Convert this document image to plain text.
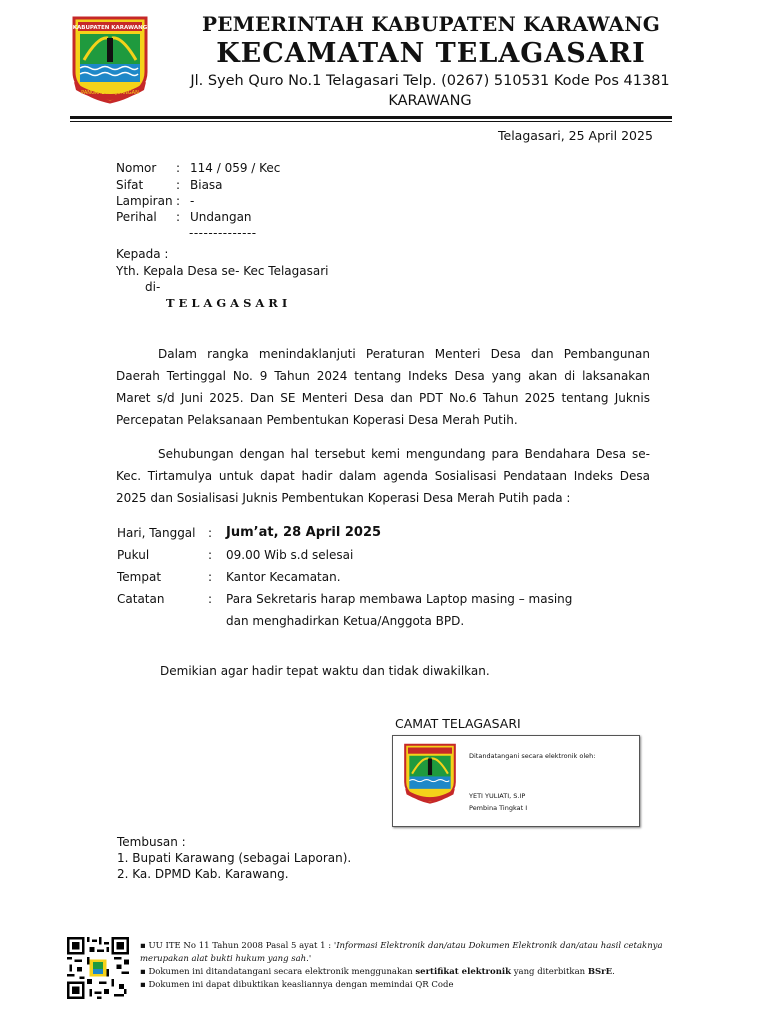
KABUPATEN KARAWANG
PANGKAL PERJUANGAN
PEMERINTAH KABUPATEN KARAWANG
KECAMATAN TELAGASARI
Jl. Syeh Quro No.1 Telagasari Telp. (0267) 510531 Kode Pos 41381
KARAWANG
Telagasari, 25 April 2025
Nomor : 114 / 059 / Kec
Sifat	: Biasa
Lampiran : -
Perihal : Undangan
--------------
Kepada :
Yth. Kepala Desa se- Kec Telagasari
di-
TELAGASARI

Dalam rangka menindaklanjuti Peraturan Menteri Desa dan Pembangunan Daerah Tertinggal No. 9 Tahun 2024 tentang Indeks Desa yang akan di laksanakan Maret s/d Juni 2025. Dan SE Menteri Desa dan PDT No.6 Tahun 2025 tentang Juknis Percepatan Pelaksanaan Pembentukan Koperasi Desa Merah Putih.

Sehubungan dengan hal tersebut kemi mengundang para Bendahara Desa se- Kec. Tirtamulya untuk dapat hadir dalam agenda Sosialisasi Pendataan Indeks Desa 2025 dan Sosialisasi Juknis Pembentukan Koperasi Desa Merah Putih pada :

Hari, Tanggal : Jum’at, 28 April 2025
Pukul	: 09.00 Wib s.d selesai
Tempat	: Kantor Kecamatan.
Catatan	: Para Sekretaris harap membawa Laptop masing – masing
dan menghadirkan Ketua/Anggota BPD.
Demikian agar hadir tepat waktu dan tidak diwakilkan.
CAMAT TELAGASARI
Ditandatangani secara elektronik oleh:
YETI YULIATI, S.IP
Pembina Tingkat I
Tembusan :
1. Bupati Karawang (sebagai Laporan).
2. Ka. DPMD Kab. Karawang.
▪ UU ITE No 11 Tahun 2008 Pasal 5 ayat 1 : 'Informasi Elektronik dan/atau Dokumen Elektronik dan/atau hasil cetaknya merupakan alat bukti hukum yang sah.'
▪ Dokumen ini ditandatangani secara elektronik menggunakan sertifikat elektronik yang diterbitkan BSrE.
▪ Dokumen ini dapat dibuktikan keasliannya dengan memindai QR Code
